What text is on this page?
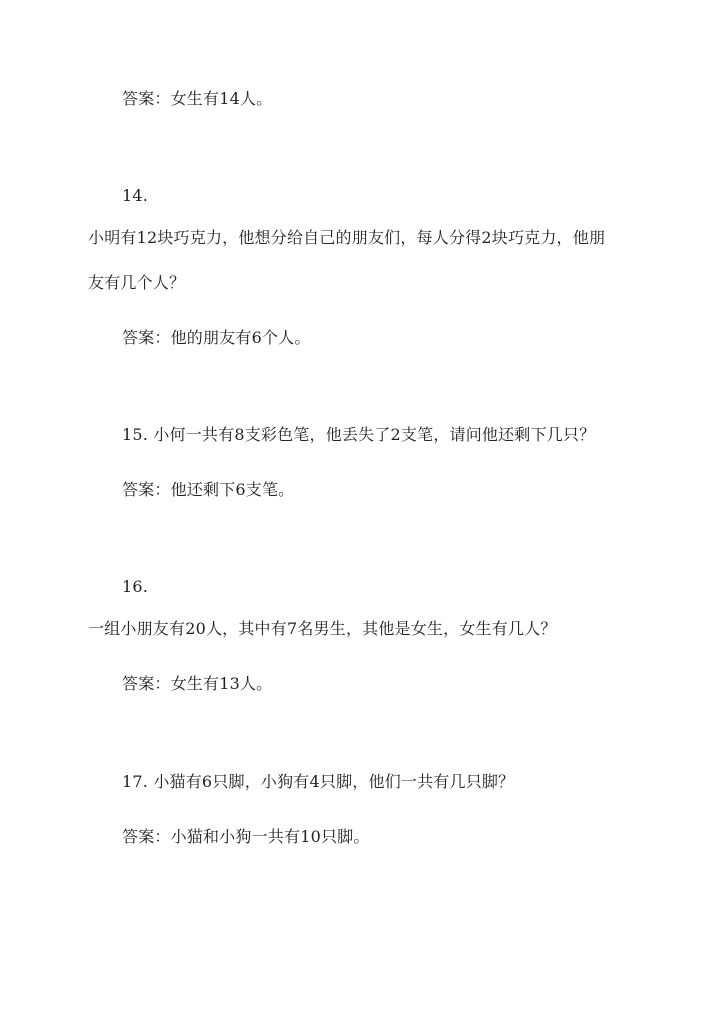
答案：女生有14人。
14.
小明有12块巧克力，他想分给自己的朋友们，每人分得2块巧克力，他朋
友有几个人？
答案：他的朋友有6个人。
15. 小何一共有8支彩色笔，他丢失了2支笔，请问他还剩下几只？
答案：他还剩下6支笔。
16.
一组小朋友有20人，其中有7名男生，其他是女生，女生有几人？
答案：女生有13人。
17. 小猫有6只脚，小狗有4只脚，他们一共有几只脚？
答案：小猫和小狗一共有10只脚。
